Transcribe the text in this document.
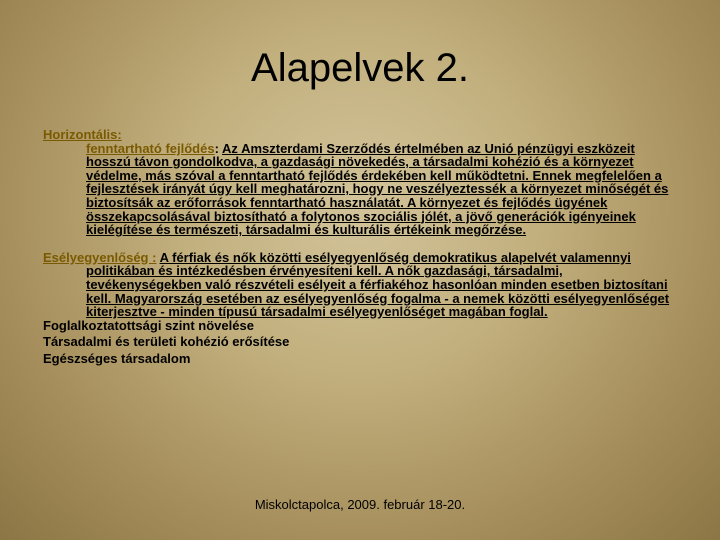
Alapelvek 2.
Horizontális:
fenntartható fejlődés: Az Amszterdami Szerződés értelmében az Unió pénzügyi eszközeit hosszú távon gondolkodva, a gazdasági növekedés, a társadalmi kohézió és a környezet védelme, más szóval a fenntartható fejlődés érdekében kell működtetni. Ennek megfelelően a fejlesztések irányát úgy kell meghatározni, hogy ne veszélyeztessék a környezet minőségét és biztosítsák az erőforrások fenntartható használatát. A környezet és fejlődés ügyének összekapcsolásával biztosítható a folytonos szociális jólét, a jövő generációk igényeinek kielégítése és természeti, társadalmi és kulturális értékeink megőrzése.
Esélyegyenlőség : A férfiak és nők közötti esélyegyenlőség demokratikus alapelvét valamennyi politikában és intézkedésben érvényesíteni kell. A nők gazdasági, társadalmi, tevékenységekben való részvételi esélyeit a férfiakéhoz hasonlóan minden esetben biztosítani kell. Magyarország esetében az esélyegyenlőség fogalma - a nemek közötti esélyegyenlőséget kiterjesztve - minden típusú társadalmi esélyegyenlőséget magában foglal.
Foglalkoztatottsági szint növelése
Társadalmi és területi kohézió erősítése
Egészséges társadalom
Miskolctapolca, 2009. február 18-20.
